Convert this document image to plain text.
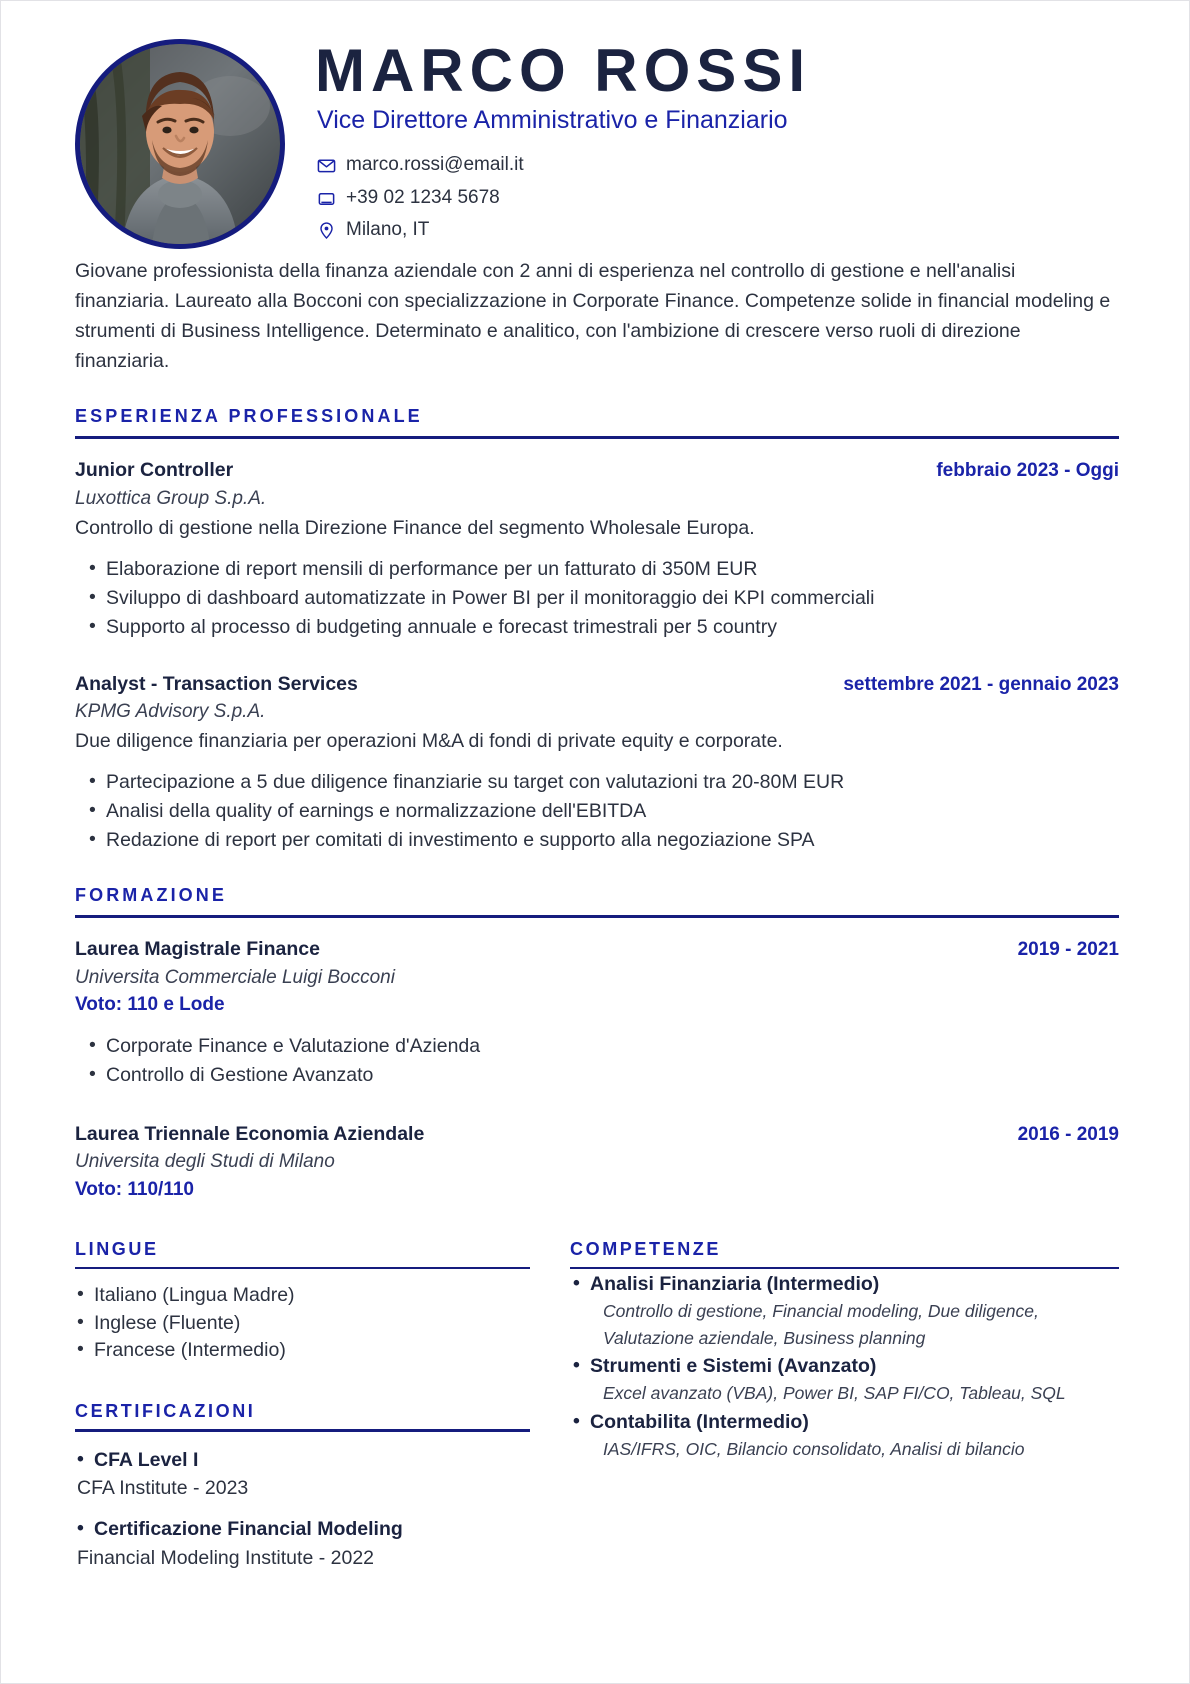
MARCO ROSSI
Vice Direttore Amministrativo e Finanziario
marco.rossi@email.it
+39 02 1234 5678
Milano, IT
Giovane professionista della finanza aziendale con 2 anni di esperienza nel controllo di gestione e nell'analisi finanziaria. Laureato alla Bocconi con specializzazione in Corporate Finance. Competenze solide in financial modeling e strumenti di Business Intelligence. Determinato e analitico, con l'ambizione di crescere verso ruoli di direzione finanziaria.
ESPERIENZA PROFESSIONALE
Junior Controller	febbraio 2023 - Oggi
Luxottica Group S.p.A.
Controllo di gestione nella Direzione Finance del segmento Wholesale Europa.
• Elaborazione di report mensili di performance per un fatturato di 350M EUR
• Sviluppo di dashboard automatizzate in Power BI per il monitoraggio dei KPI commerciali
• Supporto al processo di budgeting annuale e forecast trimestrali per 5 country
Analyst - Transaction Services	settembre 2021 - gennaio 2023
KPMG Advisory S.p.A.
Due diligence finanziaria per operazioni M&A di fondi di private equity e corporate.
• Partecipazione a 5 due diligence finanziarie su target con valutazioni tra 20-80M EUR
• Analisi della quality of earnings e normalizzazione dell'EBITDA
• Redazione di report per comitati di investimento e supporto alla negoziazione SPA
FORMAZIONE
Laurea Magistrale Finance	2019 - 2021
Universita Commerciale Luigi Bocconi
Voto: 110 e Lode
• Corporate Finance e Valutazione d'Azienda
• Controllo di Gestione Avanzato
Laurea Triennale Economia Aziendale	2016 - 2019
Universita degli Studi di Milano
Voto: 110/110
LINGUE
• Italiano (Lingua Madre)
• Inglese (Fluente)
• Francese (Intermedio)
CERTIFICAZIONI
• CFA Level I
CFA Institute - 2023
• Certificazione Financial Modeling
Financial Modeling Institute - 2022
COMPETENZE
• Analisi Finanziaria (Intermedio)
Controllo di gestione, Financial modeling, Due diligence, Valutazione aziendale, Business planning
• Strumenti e Sistemi (Avanzato)
Excel avanzato (VBA), Power BI, SAP FI/CO, Tableau, SQL
• Contabilita (Intermedio)
IAS/IFRS, OIC, Bilancio consolidato, Analisi di bilancio
